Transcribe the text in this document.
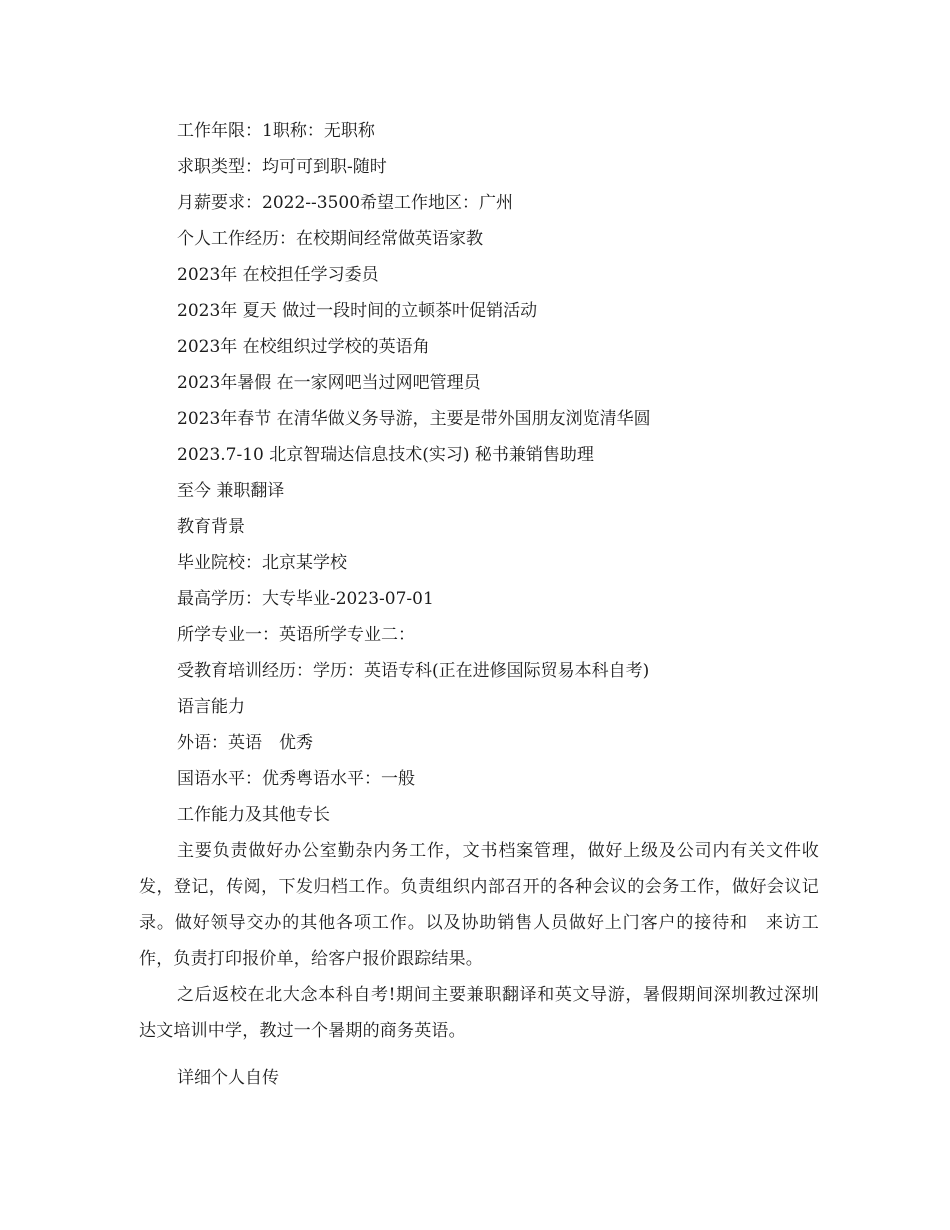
工作年限：1职称：无职称
求职类型：均可可到职-随时
月薪要求：2022--3500希望工作地区：广州
个人工作经历：在校期间经常做英语家教
2023年 在校担任学习委员
2023年 夏天 做过一段时间的立顿茶叶促销活动
2023年 在校组织过学校的英语角
2023年暑假 在一家网吧当过网吧管理员
2023年春节 在清华做义务导游，主要是带外国朋友浏览清华圆
2023.7-10 北京智瑞达信息技术(实习) 秘书兼销售助理
至今 兼职翻译
教育背景
毕业院校：北京某学校
最高学历：大专毕业-2023-07-01
所学专业一：英语所学专业二：
受教育培训经历：学历：英语专科(正在进修国际贸易本科自考)
语言能力
外语：英语　优秀
国语水平：优秀粤语水平：一般
工作能力及其他专长
主要负责做好办公室勤杂内务工作，文书档案管理，做好上级及公司内有关文件收发，登记，传阅，下发归档工作。负责组织内部召开的各种会议的会务工作，做好会议记录。做好领导交办的其他各项工作。以及协助销售人员做好上门客户的接待和　来访工作，负责打印报价单，给客户报价跟踪结果。
之后返校在北大念本科自考!期间主要兼职翻译和英文导游，暑假期间深圳教过深圳达文培训中学，教过一个暑期的商务英语。
详细个人自传
